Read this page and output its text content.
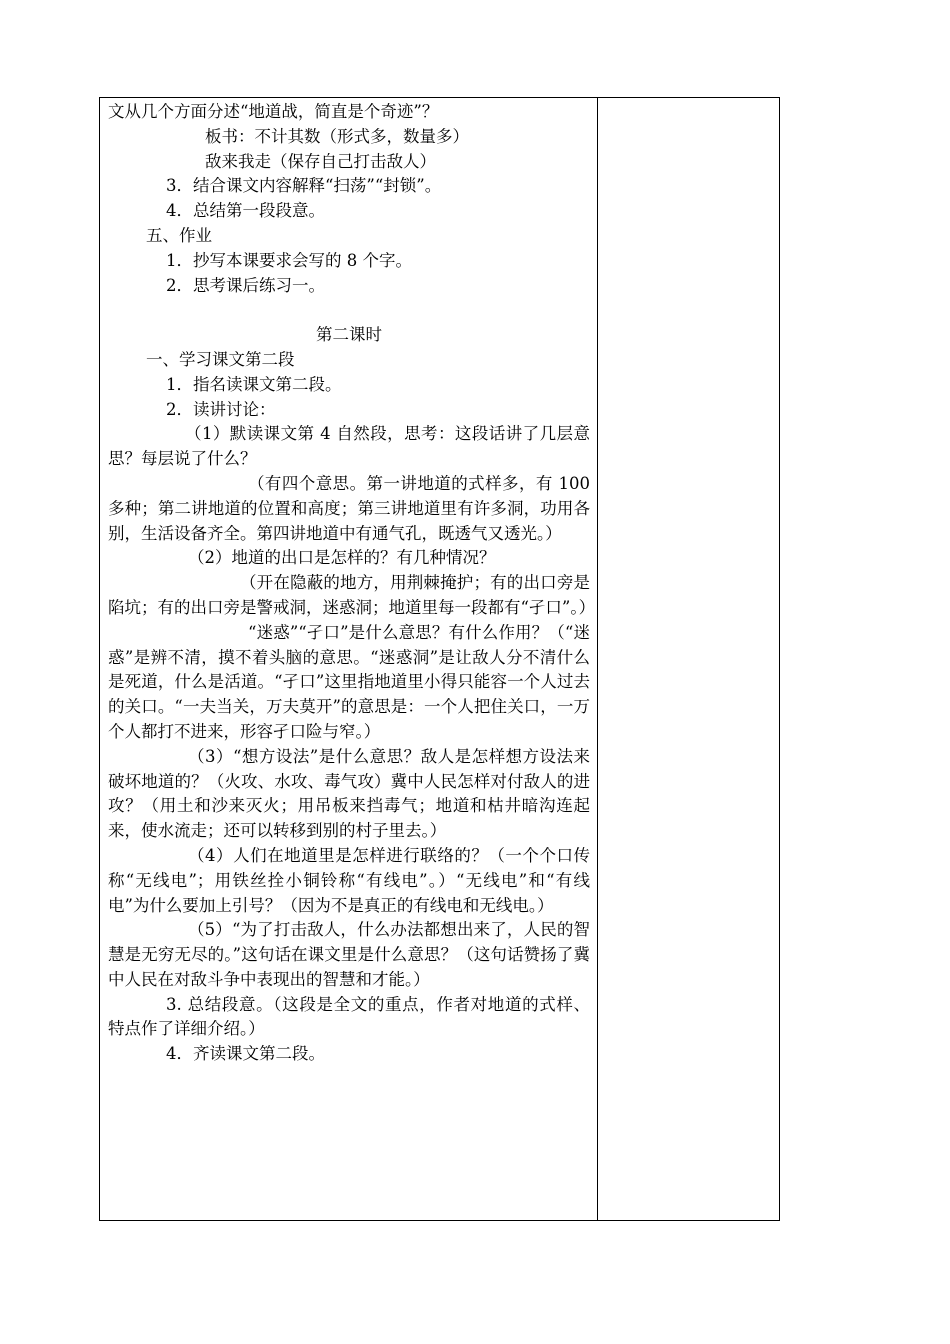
文从几个方面分述“地道战，简直是个奇迹”？

板书：不计其数（形式多，数量多）

敌来我走（保存自己打击敌人）

3．结合课文内容解释“扫荡”“封锁”。

4．总结第一段段意。

五、作业

1．抄写本课要求会写的 8 个字。

2．思考课后练习一。

第二课时

一、学习课文第二段

1．指名读课文第二段。

2．读讲讨论：

（1）默读课文第 4 自然段，思考：这段话讲了几层意思？每层说了什么？

（有四个意思。第一讲地道的式样多，有 100 多种；第二讲地道的位置和高度；第三讲地道里有许多洞，功用各别，生活设备齐全。第四讲地道中有通气孔，既透气又透光。）

（2）地道的出口是怎样的？有几种情况？

（开在隐蔽的地方，用荆棘掩护；有的出口旁是陷坑；有的出口旁是警戒洞，迷惑洞；地道里每一段都有“孑口”。）

“迷惑”“孑口”是什么意思？有什么作用？（“迷惑”是辨不清，摸不着头脑的意思。“迷惑洞”是让敌人分不清什么是死道，什么是活道。“孑口”这里指地道里小得只能容一个人过去的关口。“一夫当关，万夫莫开”的意思是：一个人把住关口，一万个人都打不进来，形容孑口险与窄。）

（3）“想方设法”是什么意思？敌人是怎样想方设法来破坏地道的？（火攻、水攻、毒气攻）冀中人民怎样对付敌人的进攻？（用土和沙来灭火；用吊板来挡毒气；地道和枯井暗沟连起来，使水流走；还可以转移到别的村子里去。）

（4）人们在地道里是怎样进行联络的？（一个个口传称“无线电”；用铁丝拴小铜铃称“有线电”。）“无线电”和“有线电”为什么要加上引号？（因为不是真正的有线电和无线电。）

（5）“为了打击敌人，什么办法都想出来了，人民的智慧是无穷无尽的。”这句话在课文里是什么意思？（这句话赞扬了冀中人民在对敌斗争中表现出的智慧和才能。）

3. 总结段意。（这段是全文的重点，作者对地道的式样、特点作了详细介绍。）

4．齐读课文第二段。
